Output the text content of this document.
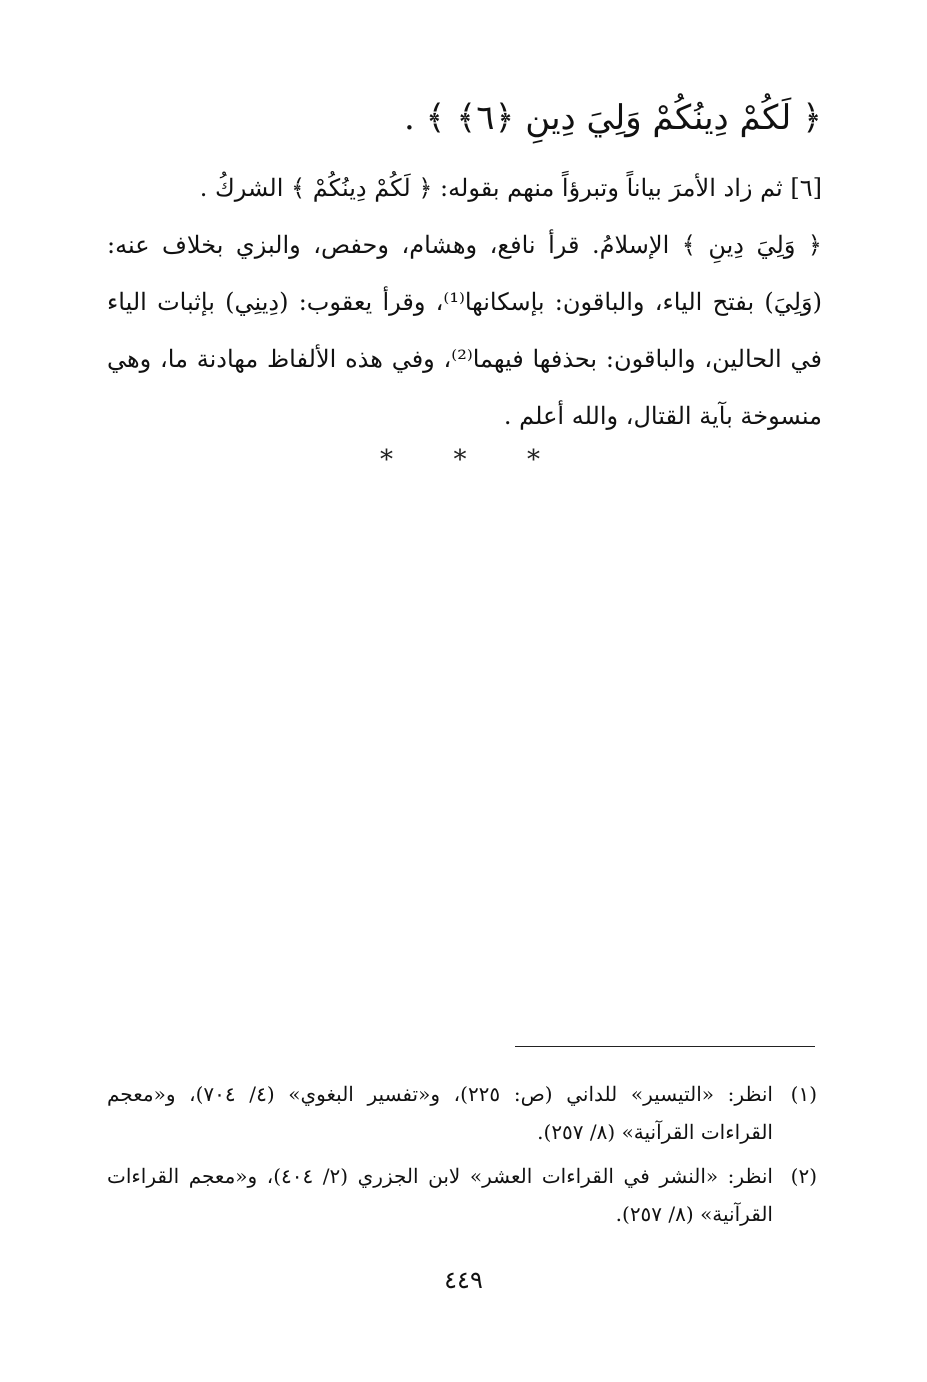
﴿ لَكُمْ دِينُكُمْ وَلِيَ دِينِ ﴿٦﴾ ﴾ .

[٦] ثم زاد الأمرَ بياناً وتبرؤاً منهم بقوله: ﴿ لَكُمْ دِينُكُمْ ﴾ الشركُ .

﴿ وَلِيَ دِينِ ﴾ الإسلامُ. قرأ نافع، وهشام، وحفص، والبزي بخلاف عنه: (وَلِيَ) بفتح الياء، والباقون: بإسكانها⁽¹⁾، وقرأ يعقوب: (دِينِي) بإثبات الياء في الحالين، والباقون: بحذفها فيهما⁽²⁾، وفي هذه الألفاظ مهادنة ما، وهي منسوخة بآية القتال، والله أعلم .

* * *
(١)
انظر: «التيسير» للداني (ص: ٢٢٥)، و«تفسير البغوي» (٤/ ٧٠٤)، و«معجم القراءات القرآنية» (٨/ ٢٥٧).
(٢)
انظر: «النشر في القراءات العشر» لابن الجزري (٢/ ٤٠٤)، و«معجم القراءات القرآنية» (٨/ ٢٥٧).
٤٤٩
